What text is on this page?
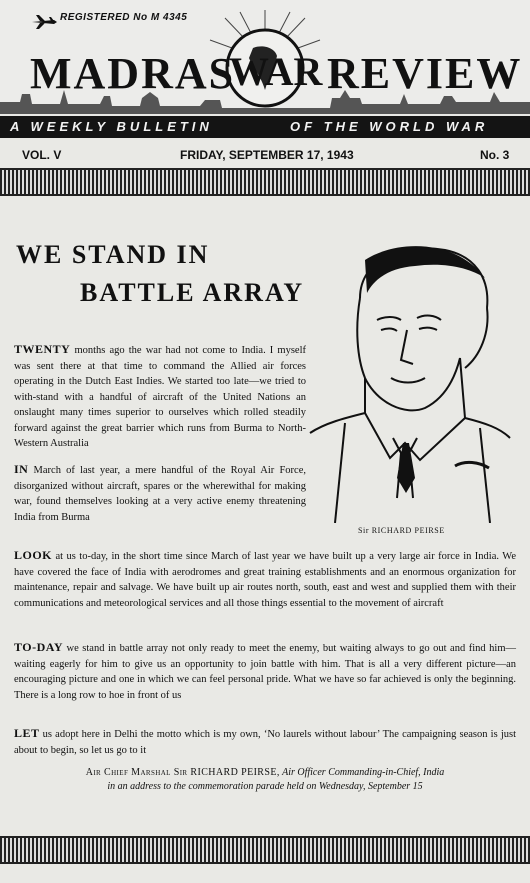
REGISTERED No M 4345
MADRAS
WAR REVIEW
A WEEKLY BULLETIN	OF THE WORLD WAR
VOL. V	FRIDAY, SEPTEMBER 17, 1943	No. 3
WE STAND IN
BATTLE ARRAY
Sir RICHARD PEIRSE
TWENTY months ago the war had not come to India. I myself was sent there at that time to command the Allied air forces operating in the Dutch East Indies. We started too late—we tried to with-stand with a handful of aircraft of the United Nations an onslaught many times superior to ourselves which rolled steadily forward against the great barrier which runs from Burma to North-Western Australia
IN March of last year, a mere handful of the Royal Air Force, disorganized without aircraft, spares or the wherewithal for making war, found themselves looking at a very active enemy threatening India from Burma
LOOK at us to-day, in the short time since March of last year we have built up a very large air force in India. We have covered the face of India with aerodromes and great training establishments and an enormous organization for maintenance, repair and salvage. We have built up air routes north, south, east and west and supplied them with their communications and meteorological services and all those things essential to the movement of aircraft
TO-DAY we stand in battle array not only ready to meet the enemy, but waiting always to go out and find him—waiting eagerly for him to give us an opportunity to join battle with him. That is all a very different picture—an encouraging picture and one in which we can feel personal pride. What we have so far achieved is only the beginning. There is a long row to hoe in front of us
LET us adopt here in Delhi the motto which is my own, ‘No laurels without labour’ The campaigning season is just about to begin, so let us go to it
Air Chief Marshal Sir RICHARD PEIRSE, Air Officer Commanding-in-Chief, India
in an address to the commemoration parade held on Wednesday, September 15
